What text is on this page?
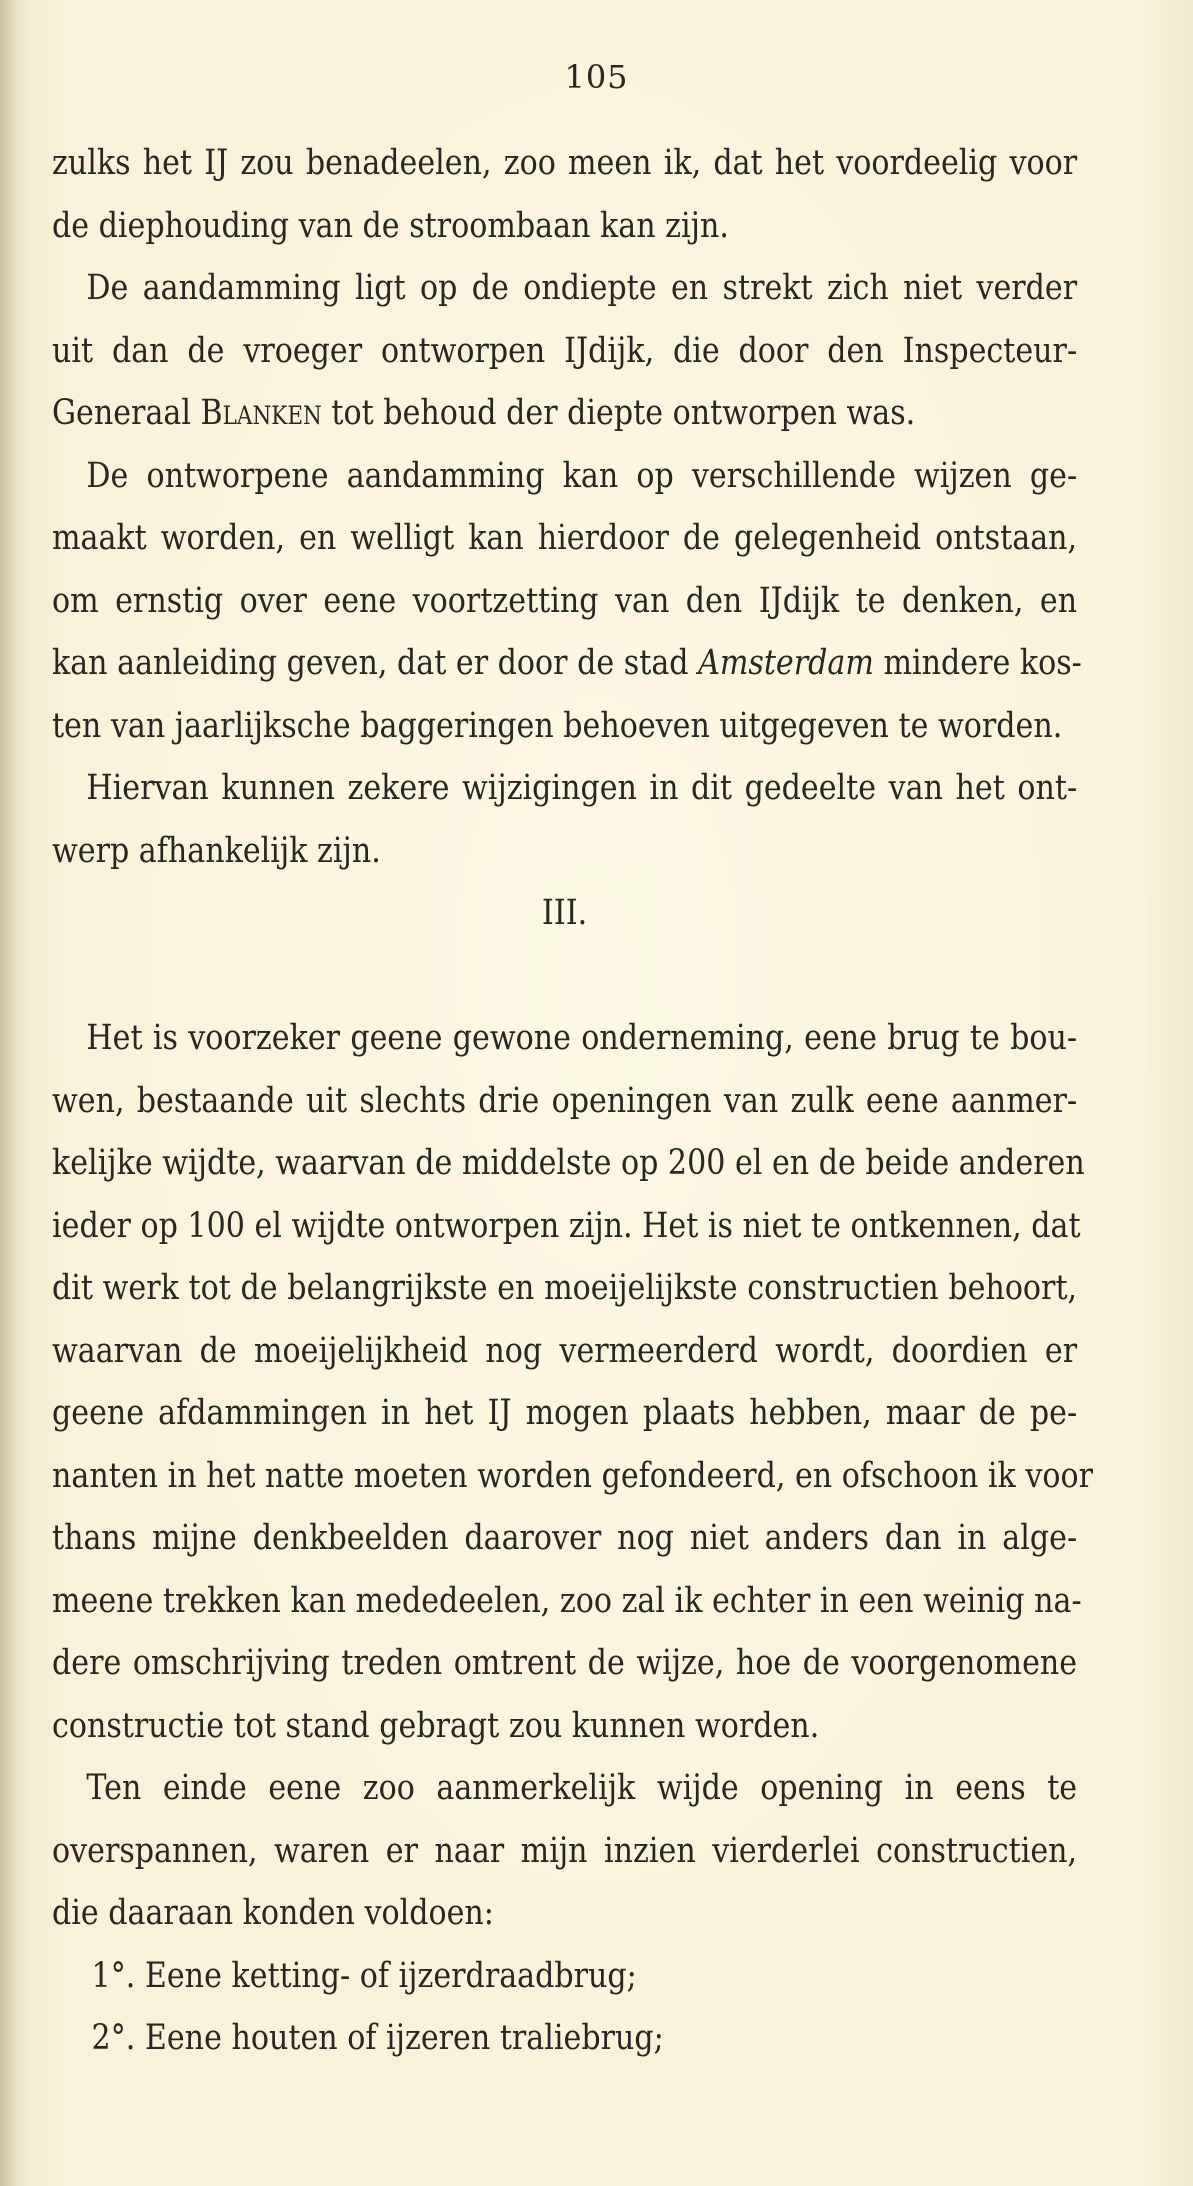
105
zulks het IJ zou benadeelen, zoo meen ik, dat het voordeelig voor
de diephouding van de stroombaan kan zijn.
De aandamming ligt op de ondiepte en strekt zich niet verder
uit dan de vroeger ontworpen IJdijk, die door den Inspecteur-
Generaal Blanken tot behoud der diepte ontworpen was.
De ontworpene aandamming kan op verschillende wijzen ge-
maakt worden, en welligt kan hierdoor de gelegenheid ontstaan,
om ernstig over eene voortzetting van den IJdijk te denken, en
kan aanleiding geven, dat er door de stad Amsterdam mindere kos-
ten van jaarlijksche baggeringen behoeven uitgegeven te worden.
Hiervan kunnen zekere wijzigingen in dit gedeelte van het ont-
werp afhankelijk zijn.
III.
Het is voorzeker geene gewone onderneming, eene brug te bou-
wen, bestaande uit slechts drie openingen van zulk eene aanmer-
kelijke wijdte, waarvan de middelste op 200 el en de beide anderen
ieder op 100 el wijdte ontworpen zijn. Het is niet te ontkennen, dat
dit werk tot de belangrijkste en moeijelijkste constructien behoort,
waarvan de moeijelijkheid nog vermeerderd wordt, doordien er
geene afdammingen in het IJ mogen plaats hebben, maar de pe-
nanten in het natte moeten worden gefondeerd, en ofschoon ik voor
thans mijne denkbeelden daarover nog niet anders dan in alge-
meene trekken kan mededeelen, zoo zal ik echter in een weinig na-
dere omschrijving treden omtrent de wijze, hoe de voorgenomene
constructie tot stand gebragt zou kunnen worden.
Ten einde eene zoo aanmerkelijk wijde opening in eens te
overspannen, waren er naar mijn inzien vierderlei constructien,
die daaraan konden voldoen:
1°. Eene ketting- of ijzerdraadbrug;
2°. Eene houten of ijzeren traliebrug;
